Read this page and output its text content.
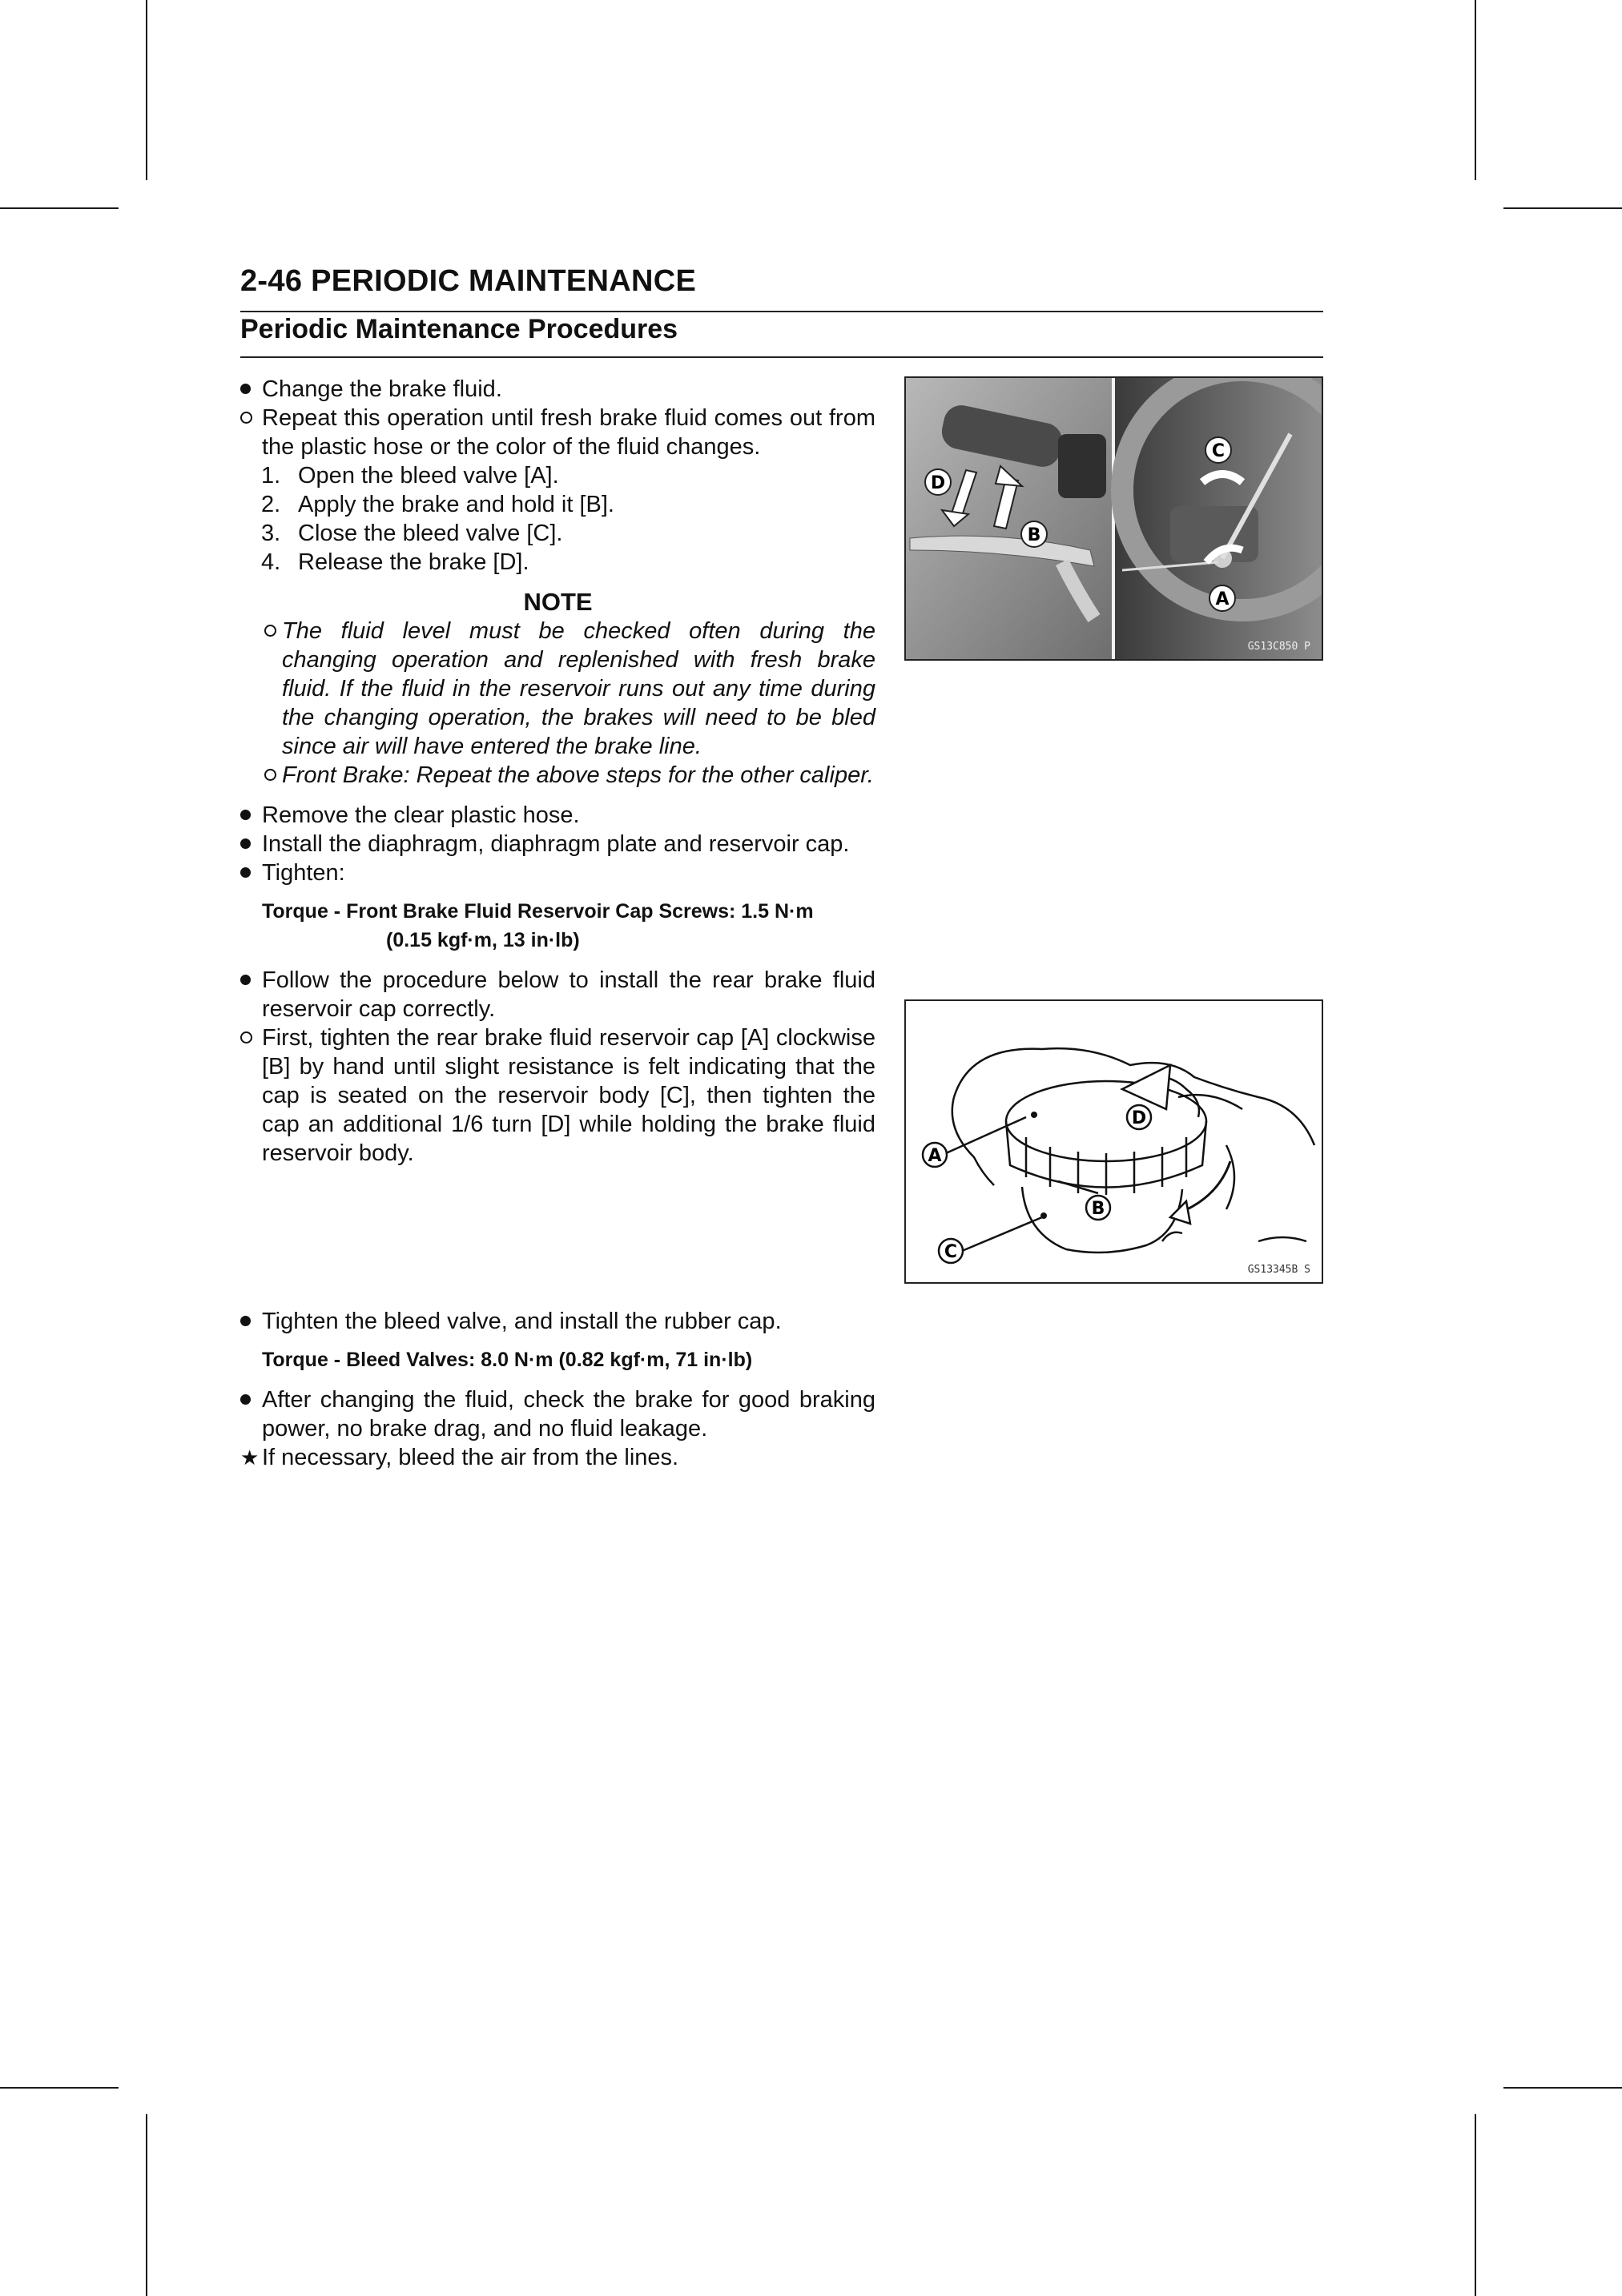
2-46 PERIODIC MAINTENANCE
Periodic Maintenance Procedures
Change the brake fluid.
Repeat this operation until fresh brake fluid comes out from the plastic hose or the color of the fluid changes.
1. Open the bleed valve [A].
2. Apply the brake and hold it [B].
3. Close the bleed valve [C].
4. Release the brake [D].
NOTE
The fluid level must be checked often during the changing operation and replenished with fresh brake fluid. If the fluid in the reservoir runs out any time during the changing operation, the brakes will need to be bled since air will have entered the brake line.
Front Brake: Repeat the above steps for the other caliper.
Remove the clear plastic hose.
Install the diaphragm, diaphragm plate and reservoir cap.
Tighten:
Torque - Front Brake Fluid Reservoir Cap Screws: 1.5 N·m
(0.15 kgf·m, 13 in·lb)
Follow the procedure below to install the rear brake fluid reservoir cap correctly.
First, tighten the rear brake fluid reservoir cap [A] clockwise [B] by hand until slight resistance is felt indicating that the cap is seated on the reservoir body [C], then tighten the cap an additional 1/6 turn [D] while holding the brake fluid reservoir body.
Tighten the bleed valve, and install the rubber cap.
Torque - Bleed Valves: 8.0 N·m (0.82 kgf·m, 71 in·lb)
After changing the fluid, check the brake for good braking power, no brake drag, and no fluid leakage.
★ If necessary, bleed the air from the lines.
D
B
C
A
GS13C850 P
A
B
C
D
GS13345B S
